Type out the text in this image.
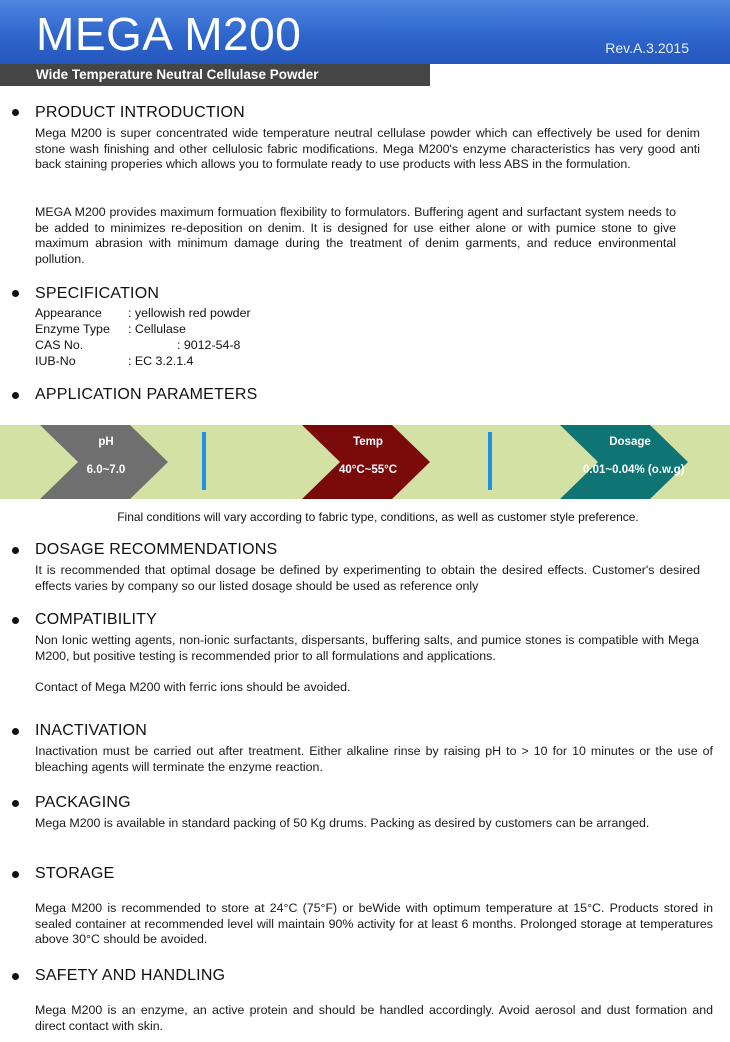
MEGA M200	Rev.A.3.2015
Wide Temperature Neutral Cellulase Powder
PRODUCT INTRODUCTION

Mega M200 is super concentrated wide temperature neutral cellulase powder which can effectively be used for denim stone wash finishing and other cellulosic fabric modifications. Mega M200's enzyme characteristics has very good anti back staining properies which allows you to formulate ready to use products with less ABS in the formulation.

MEGA M200 provides maximum formuation flexibility to formulators. Buffering agent and surfactant system needs to be added to minimizes re-deposition on denim. It is designed for use either alone or with pumice stone to give maximum abrasion with minimum damage during the treatment of denim garments, and reduce environmental pollution.

SPECIFICATION
Appearance : yellowish red powder
Enzyme Type : Cellulase
CAS No.	: 9012-54-8
IUB-No	: EC 3.2.1.4
APPLICATION PARAMETERS
pH
6.0~7.0
Temp
40°C~55°C
Dosage
0.01~0.04% (o.w.g)
Final conditions will vary according to fabric type, conditions, as well as customer style preference.
DOSAGE RECOMMENDATIONS

It is recommended that optimal dosage be defined by experimenting to obtain the desired effects. Customer's desired effects varies by company so our listed dosage should be used as reference only

COMPATIBILITY

Non Ionic wetting agents, non-ionic surfactants, dispersants, buffering salts, and pumice stones is compatible with Mega M200, but positive testing is recommended prior to all formulations and applications.

Contact of Mega M200 with ferric ions should be avoided.

INACTIVATION

Inactivation must be carried out after treatment. Either alkaline rinse by raising pH to > 10 for 10 minutes or the use of bleaching agents will terminate the enzyme reaction.

PACKAGING

Mega M200 is available in standard packing of 50 Kg drums. Packing as desired by customers can be arranged.

STORAGE

Mega M200 is recommended to store at 24°C (75°F) or beWide with optimum temperature at 15°C. Products stored in sealed container at recommended level will maintain 90% activity for at least 6 months. Prolonged storage at temperatures above 30°C should be avoided.

SAFETY AND HANDLING

Mega M200 is an enzyme, an active protein and should be handled accordingly. Avoid aerosol and dust formation and direct contact with skin.
